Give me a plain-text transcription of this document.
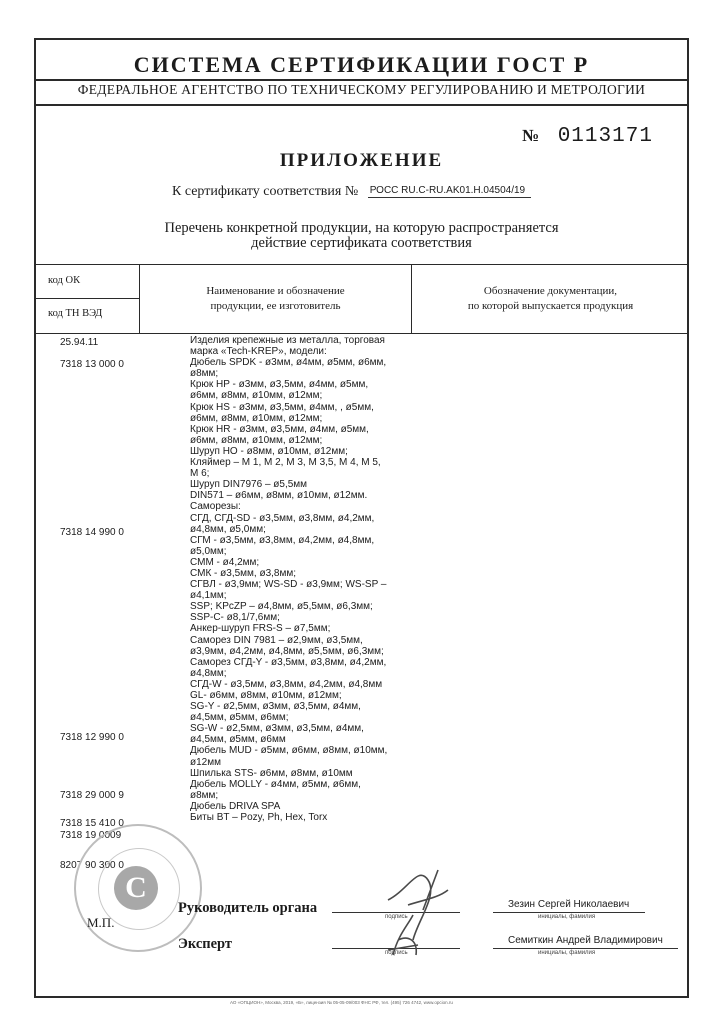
СИСТЕМА СЕРТИФИКАЦИИ ГОСТ Р
ФЕДЕРАЛЬНОЕ АГЕНТСТВО ПО ТЕХНИЧЕСКОМУ РЕГУЛИРОВАНИЮ И МЕТРОЛОГИИ
№ 0113171
ПРИЛОЖЕНИЕ
К сертификату соответствия № РОСС RU.C-RU.AK01.H.04504/19
Перечень конкретной продукции, на которую распространяется
действие сертификата соответствия
код ОК
код ТН ВЭД
Наименование и обозначение
продукции, ее изготовитель
Обозначение документации,
по которой выпускается продукция
25.94.11
7318 13 000 0
7318 14 990 0
7318 12 990 0
7318 29 000 9
7318 15 410 0
7318 19 0009
8207 90 300 0
Изделия крепежные из металла, торговая
марка «Tech-KREP», модели:
Дюбель SPDK - ø3мм, ø4мм, ø5мм, ø6мм,
ø8мм;
Крюк HP - ø3мм, ø3,5мм, ø4мм, ø5мм,
ø6мм, ø8мм, ø10мм, ø12мм;
Крюк HS - ø3мм, ø3,5мм, ø4мм, , ø5мм,
ø6мм, ø8мм, ø10мм, ø12мм;
Крюк HR - ø3мм, ø3,5мм, ø4мм, ø5мм,
ø6мм, ø8мм, ø10мм, ø12мм;
Шуруп HO - ø8мм, ø10мм, ø12мм;
Кляймер – М 1, М 2, М 3, М 3,5, М 4, М 5,
М 6;
Шуруп DIN7976 – ø5,5мм
DIN571 – ø6мм, ø8мм, ø10мм, ø12мм.
Саморезы:
СГД, СГД-SD - ø3,5мм, ø3,8мм, ø4,2мм,
ø4,8мм, ø5,0мм;
СГМ - ø3,5мм, ø3,8мм, ø4,2мм, ø4,8мм,
ø5,0мм;
СММ - ø4,2мм;
СМК - ø3,5мм, ø3,8мм;
СГВЛ - ø3,9мм; WS-SD - ø3,9мм; WS-SP –
ø4,1мм;
SSP; KPcZP – ø4,8мм, ø5,5мм, ø6,3мм;
SSP-C- ø8,1/7,6мм;
Анкер-шуруп FRS-S – ø7,5мм;
Саморез DIN 7981 – ø2,9мм, ø3,5мм,
ø3,9мм, ø4,2мм, ø4,8мм, ø5,5мм, ø6,3мм;
Саморез СГД-Y - ø3,5мм, ø3,8мм, ø4,2мм,
ø4,8мм;
СГД-W - ø3,5мм, ø3,8мм, ø4,2мм, ø4,8мм
GL- ø6мм, ø8мм, ø10мм, ø12мм;
SG-Y - ø2,5мм, ø3мм, ø3,5мм, ø4мм,
ø4,5мм, ø5мм, ø6мм;
SG-W - ø2,5мм, ø3мм, ø3,5мм, ø4мм,
ø4,5мм, ø5мм, ø6мм
Дюбель MUD - ø5мм, ø6мм, ø8мм, ø10мм,
ø12мм
Шпилька STS- ø6мм, ø8мм, ø10мм
Дюбель MOLLY - ø4мм, ø5мм, ø6мм,
ø8мм;
Дюбель DRIVA SPA
Биты BT – Pozy, Ph, Hex, Torx
С
М.П.
Руководитель органа
подпись
Зезин Сергей Николаевич
инициалы, фамилия
Эксперт
подпись
Семиткин Андрей Владимирович
инициалы, фамилия
АО «ОПЦИОН», Москва, 2019, «Б», лицензия № 05-05-09/003 ФНС РФ, тел. (495) 726 4742, www.opcion.ru
